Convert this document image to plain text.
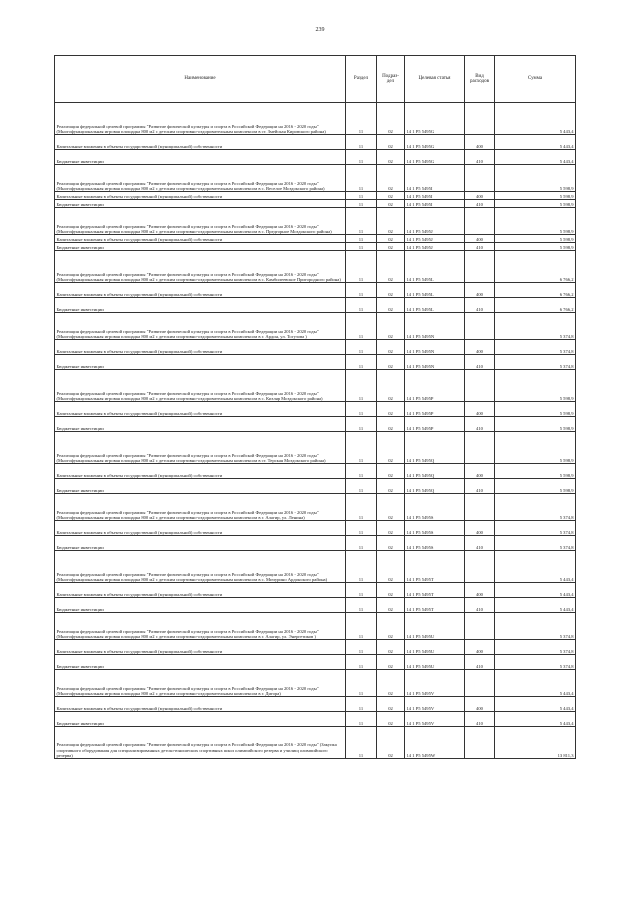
239
Наименование	Раздел	Подраз-дел	Целевая статья	Вид расходов	Сумма
Реализация федеральной целевой программы "Развитие физической культуры и спорта в Российской Федерации на 2016 - 2020 годы" (Многофункциональная игровая площадка 800 м2 с детским спортивно-оздоровительным комплексом в ст. Змейская Кировского района)	11	02	14 1 P5 5495G		5 443,4
Капитальные вложения в объекты государственной (муниципальной) собственности	11	02	14 1 P5 5495G	400	5 443,4
Бюджетные инвестиции	11	02	14 1 P5 5495G	410	5 443,4
Реализация федеральной целевой программы "Развитие физической культуры и спорта в Российской Федерации на 2016 - 2020 годы" (Многофункциональная игровая площадка 800 м2 с детским спортивно-оздоровительным комплексом в с. Веселое Моздокского района)	11	02	14 1 P5 5495I		5 598,9
Капитальные вложения в объекты государственной (муниципальной) собственности	11	02	14 1 P5 5495I	400	5 598,9
Бюджетные инвестиции	11	02	14 1 P5 5495I	410	5 598,9
Реализация федеральной целевой программы "Развитие физической культуры и спорта в Российской Федерации на 2016 - 2020 годы" (Многофункциональная игровая площадка 800 м2 с детским спортивно-оздоровительным комплексом в с. Предгорное Моздокского района)	11	02	14 1 P5 5495J		5 598,9
Капитальные вложения в объекты государственной (муниципальной) собственности	11	02	14 1 P5 5495J	400	5 598,9
Бюджетные инвестиции	11	02	14 1 P5 5495J	410	5 598,9
Реализация федеральной целевой программы "Развитие физической культуры и спорта в Российской Федерации на 2016 - 2020 годы" (Многофункциональная игровая площадка 800 м2 с детским спортивно-оздоровительным комплексом в с. Камбилеевское Пригородного района)	11	02	14 1 P5 5495L		6 766,2
Капитальные вложения в объекты государственной (муниципальной) собственности	11	02	14 1 P5 5495L	400	6 766,2
Бюджетные инвестиции	11	02	14 1 P5 5495L	410	6 766,2
Реализация федеральной целевой программы "Развитие физической культуры и спорта в Российской Федерации на 2016 - 2020 годы" (Многофункциональная игровая площадка 800 м2 с детским спортивно-оздоровительным комплексом в г. Ардон, ул. Тогузова )	11	02	14 1 P5 5495N		5 374,8
Капитальные вложения в объекты государственной (муниципальной) собственности	11	02	14 1 P5 5495N	400	5 374,8
Бюджетные инвестиции	11	02	14 1 P5 5495N	410	5 374,8
Реализация федеральной целевой программы "Развитие физической культуры и спорта в Российской Федерации на 2016 - 2020 годы" (Многофункциональная игровая площадка 800 м2 с детским спортивно-оздоровительным комплексом в с. Кизляр Моздокского района)	11	02	14 1 P5 5495P		5 598,9
Капитальные вложения в объекты государственной (муниципальной) собственности	11	02	14 1 P5 5495P	400	5 598,9
Бюджетные инвестиции	11	02	14 1 P5 5495P	410	5 598,9
Реализация федеральной целевой программы "Развитие физической культуры и спорта в Российской Федерации на 2016 - 2020 годы" (Многофункциональная игровая площадка 800 м2 с детским спортивно-оздоровительным комплексом в ст. Терская Моздокского района)	11	02	14 1 P5 5495Q		5 598,9
Капитальные вложения в объекты государственной (муниципальной) собственности	11	02	14 1 P5 5495Q	400	5 598,9
Бюджетные инвестиции	11	02	14 1 P5 5495Q	410	5 598,9
Реализация федеральной целевой программы "Развитие физической культуры и спорта в Российской Федерации на 2016 - 2020 годы" (Многофункциональная игровая площадка 800 м2 с детским спортивно-оздоровительным комплексом в г. Алагир, ул. Ленина)	11	02	14 1 P5 5495S		5 374,8
Капитальные вложения в объекты государственной (муниципальной) собственности	11	02	14 1 P5 5495S	400	5 374,8
Бюджетные инвестиции	11	02	14 1 P5 5495S	410	5 374,8
Реализация федеральной целевой программы "Развитие физической культуры и спорта в Российской Федерации на 2016 - 2020 годы" (Многофункциональная игровая площадка 800 м2 с детским спортивно-оздоровительным комплексом в с. Мичурино Ардонского района)	11	02	14 1 P5 5495T		5 443,4
Капитальные вложения в объекты государственной (муниципальной) собственности	11	02	14 1 P5 5495T	400	5 443,4
Бюджетные инвестиции	11	02	14 1 P5 5495T	410	5 443,4
Реализация федеральной целевой программы "Развитие физической культуры и спорта в Российской Федерации на 2016 - 2020 годы" (Многофункциональная игровая площадка 800 м2 с детским спортивно-оздоровительным комплексом в г. Алагир, ул. Энергетиков )	11	02	14 1 P5 5495U		5 374,8
Капитальные вложения в объекты государственной (муниципальной) собственности	11	02	14 1 P5 5495U	400	5 374,8
Бюджетные инвестиции	11	02	14 1 P5 5495U	410	5 374,8
Реализация федеральной целевой программы "Развитие физической культуры и спорта в Российской Федерации на 2016 - 2020 годы" (Многофункциональная игровая площадка 800 м2 с детским спортивно-оздоровительным комплексом в г. Дигора)	11	02	14 1 P5 5495V		5 443,4
Капитальные вложения в объекты государственной (муниципальной) собственности	11	02	14 1 P5 5495V	400	5 443,4
Бюджетные инвестиции	11	02	14 1 P5 5495V	410	5 443,4
Реализация федеральной целевой программы "Развитие физической культуры и спорта в Российской Федерации на 2016 - 2020 годы" (Закупка спортивного оборудования для специализированных детско-юношеских спортивных школ олимпийского резерва и училищ олимпийского резерва)	11	02	14 1 P5 5495W		13 811,3
